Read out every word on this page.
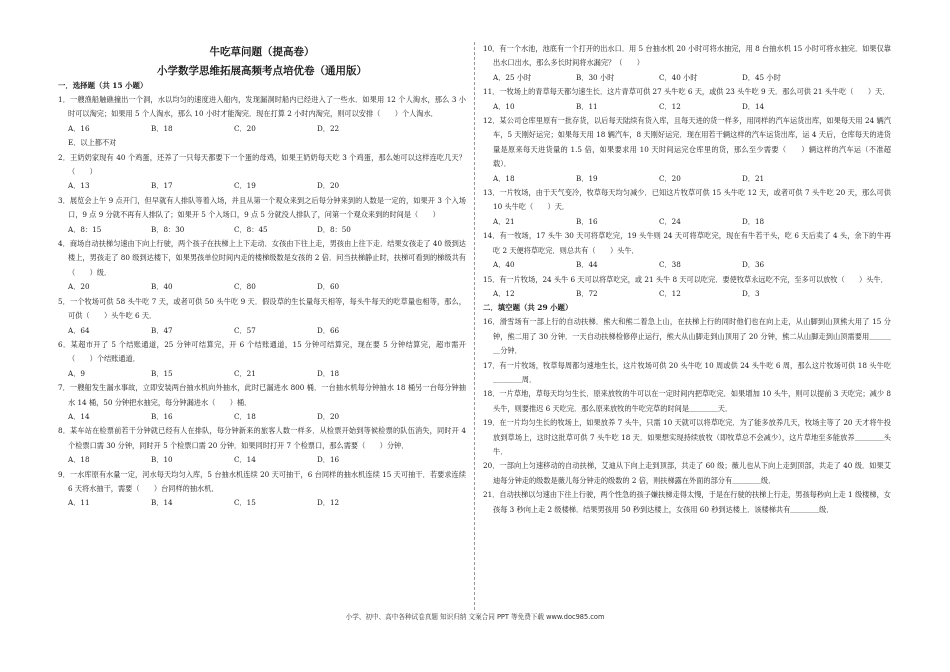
牛吃草问题（提高卷）
小学数学思维拓展高频考点培优卷（通用版）
一．选择题（共 15 小题）

1．一艘渔船触礁撞出一个洞，水以均匀的速度进入船内，发现漏洞时船内已经进入了一些水．如果用 12 个人淘水，那么 3 小时可以淘完；如果用 5 个人淘水，那么 10 小时才能淘完．现在打算 2 小时内淘完，则可以安排（　　）个人淘水．

A．16	B．18	C．20	D．22
E．以上都不对

2．王奶奶家现有 40 个鸡蛋，还养了一只每天都要下一个蛋的母鸡，如果王奶奶每天吃 3 个鸡蛋，那么她可以这样连吃几天？（　　）

A．13	B．17	C．19	D．20

3．展览会上午 9 点开门，但早就有人排队等着入场，并且从第一个观众来到之后每分钟来到的人数是一定的，如果开 3 个入场口，9 点 9 分就不再有人排队了；如果开 5 个入场口，9 点 5 分就没人排队了，问第一个观众来到的时间是（　　）

A．8：15	B．8：30	C．8：45	D．8：50

4．商场自动扶梯匀速由下向上行驶，两个孩子在扶梯上上下走动．女孩由下往上走，男孩由上往下走．结果女孩走了 40 级到达楼上，男孩走了 80 级到达楼下，如果男孩单位时间内走的楼梯级数是女孩的 2 倍．问当扶梯静止时，扶梯可看到的梯级共有（　　）级．

A．20	B．40	C．80	D．60

5．一个牧场可供 58 头牛吃 7 天，或者可供 50 头牛吃 9 天．假设草的生长量每天相等，每头牛每天的吃草量也相等，那么，可供（　　）头牛吃 6 天．

A．64	B．47	C．57	D．66

6．某超市开了 5 个结账通道，25 分钟可结算完，开 6 个结账通道，15 分钟可结算完，现在要 5 分钟结算完，超市需开（　　）个结账通道．

A．9	B．15	C．21	D．18

7．一艘船发生漏水事故，立即安装两台抽水机向外抽水，此时已漏进水 800 桶．一台抽水机每分钟抽水 18 桶另一台每分钟抽水 14 桶，50 分钟把水抽完，每分钟漏进水（　　）桶．

A．14	B．16	C．18	D．20

8．某车站在检票前若干分钟就已经有人在排队，每分钟新来的旅客人数一样多．从检票开始到等候检票的队伍消失，同时开 4 个检票口需 30 分钟，同时开 5 个检票口需 20 分钟．如果同时打开 7 个检票口，那么需要（　　）分钟．

A．18	B．10	C．14	D．16

9．一水库原有水量一定，河水每天均匀入库，5 台抽水机连续 20 天可抽干，6 台同样的抽水机连续 15 天可抽干．若要求连续 6 天将水抽干，需要（　　）台同样的抽水机．

A．11	B．14	C．15	D．12

10．有一个水池，池底有一个打开的出水口．用 5 台抽水机 20 小时可将水抽完，用 8 台抽水机 15 小时可将水抽完．如果仅靠出水口出水，那么多长时间将水漏完？（　　）

A．25 小时	B．30 小时	C．40 小时	D．45 小时

11．一牧场上的青草每天都匀速生长．这片青草可供 27 头牛吃 6 天，或供 23 头牛吃 9 天．那么可供 21 头牛吃（　　）天．

A．10	B．11	C．12	D．14

12．某公司仓库里原有一批存货，以后每天陆续有货入库，且每天进的货一样多，用同样的汽车运货出库，如果每天用 24 辆汽车，5 天刚好运完；如果每天用 18 辆汽车，8 天刚好运完．现在用若干辆这样的汽车运货出库，运 4 天后，仓库每天的进货量是原来每天进货量的 1.5 倍，如果要求用 10 天时间运完仓库里的货，那么至少需要（　　）辆这样的汽车运（不准超载）．

A．18	B．19	C．20	D．21

13．一片牧场，由于天气变冷，牧草每天均匀减少．已知这片牧草可供 15 头牛吃 12 天，或者可供 7 头牛吃 20 天，那么可供 10 头牛吃（　　）天．

A．21	B．16	C．24	D．18

14．有一牧场，17 头牛 30 天可将草吃完，19 头牛则 24 天可将草吃完，现在有牛若干头，吃 6 天后卖了 4 头，余下的牛再吃 2 天便将草吃完．则总共有（　　）头牛．

A．40	B．44	C．38	D．36

15．有一片牧场，24 头牛 6 天可以将草吃完，或 21 头牛 8 天可以吃完．要使牧草永远吃不完，至多可以放牧（　　）头牛．

A．12	B．72	C．12	D．3
二．填空题（共 29 小题）

16．滑雪场有一部上行的自动扶梯．熊大和熊二着急上山，在扶梯上行的同时他们也在向上走，从山脚到山顶熊大用了 15 分钟，熊二用了 30 分钟．一天自动扶梯检修停止运行，熊大从山脚走到山顶用了 20 分钟，熊二从山脚走到山顶需要用＿＿＿＿分钟．

17．有一片牧场，牧草每周都匀速地生长，这片牧场可供 20 头牛吃 10 周或供 24 头牛吃 6 周，那么这片牧场可供 18 头牛吃＿＿＿＿周．

18．一片草地，草每天均匀生长．原来放牧的牛可以在一定时间内把草吃完．如果增加 10 头牛，则可以提前 3 天吃完；减少 8 头牛，则要推迟 6 天吃完．那么原来放牧的牛吃完草的时间是＿＿＿＿天．

19．在一片均匀生长的牧场上，如果放养 7 头牛，只需 10 天就可以将草吃完．为了能多放养几天，牧场主等了 20 天才将牛投放到草场上，这时这批草可供 7 头牛吃 18 天．如果想实现持续放牧（即牧草总不会减少），这片草地至多能放养＿＿＿＿头牛．

20．一部向上匀速移动的自动扶梯，艾迪从下向上走到顶部，共走了 60 级；薇儿也从下向上走到顶部，共走了 40 级．如果艾迪每分钟走的级数是薇儿每分钟走的级数的 2 倍，则扶梯露在外面的部分有＿＿＿＿级．

21．自动扶梯以匀速由下往上行驶，两个性急的孩子嫌扶梯走得太慢，于是在行驶的扶梯上行走，男孩每秒向上走 1 级楼梯，女孩每 3 秒向上走 2 级楼梯．结果男孩用 50 秒到达楼上，女孩用 60 秒到达楼上．该楼梯共有＿＿＿＿级．

小学、初中、高中各种试卷真题 知识归纳 文案合同 PPT 等免费下载 www.doc985.com
